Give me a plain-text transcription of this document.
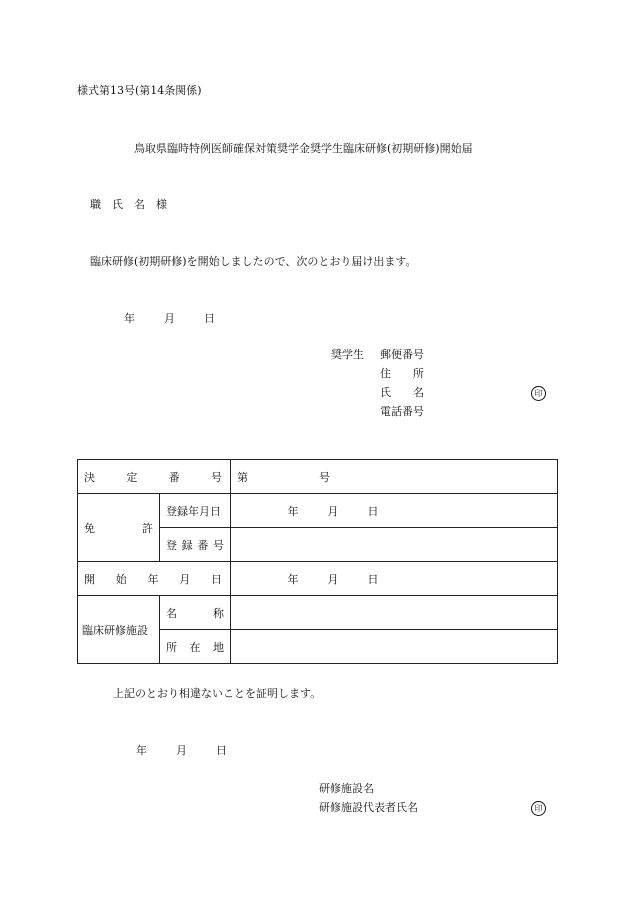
様式第13号(第14条関係)
鳥取県臨時特例医師確保対策奨学金奨学生臨床研修(初期研修)開始届
職　氏　名　様
臨床研修(初期研修)を開始しましたので、次のとおり届け出ます。
年	月	日
奨学生 郵便番号
住　　所
氏　　名
電話番号
印
決 定 番 号		第 号

免 許	登録年月日	年 月 日

	登 録 番 号	

開 始 年 月 日		年 月 日
臨床研修施設	名 称	

	所 在 地	

上記のとおり相違ないことを証明します。
年	月	日
研修施設名
研修施設代表者氏名	印
